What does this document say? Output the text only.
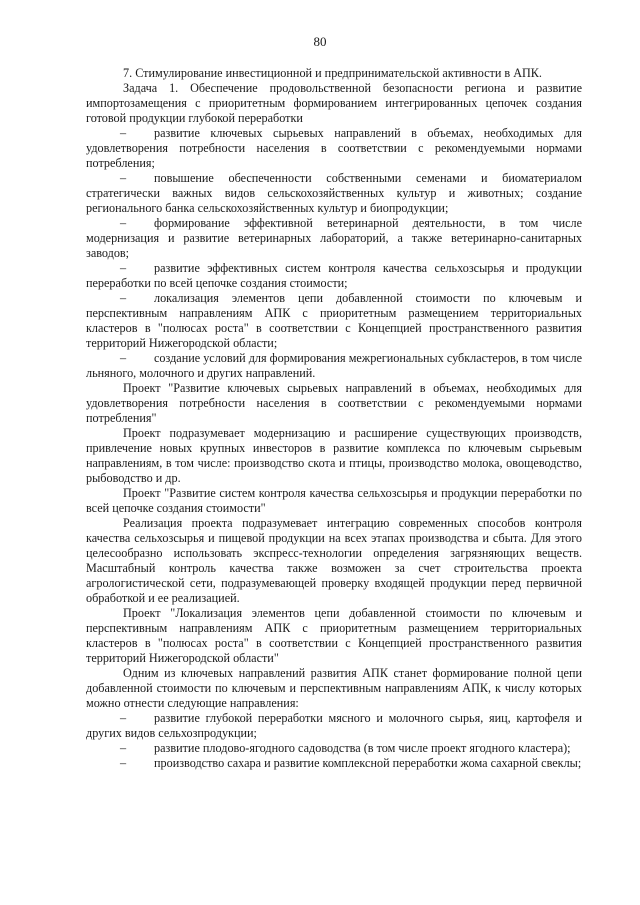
80

7. Стимулирование инвестиционной и предпринимательской активности в АПК.

Задача 1. Обеспечение продовольственной безопасности региона и развитие импортозамещения с приоритетным формированием интегрированных цепочек создания готовой продукции глубокой переработки

– развитие ключевых сырьевых направлений в объемах, необходимых для удовлетворения потребности населения в соответствии с рекомендуемыми нормами потребления;

– повышение обеспеченности собственными семенами и биоматериалом стратегически важных видов сельскохозяйственных культур и животных; создание регионального банка сельскохозяйственных культур и биопродукции;

– формирование эффективной ветеринарной деятельности, в том числе модернизация и развитие ветеринарных лабораторий, а также ветеринарно-санитарных заводов;

– развитие эффективных систем контроля качества сельхозсырья и продукции переработки по всей цепочке создания стоимости;

– локализация элементов цепи добавленной стоимости по ключевым и перспективным направлениям АПК с приоритетным размещением территориальных кластеров в "полюсах роста" в соответствии с Концепцией пространственного развития территорий Нижегородской области;

– создание условий для формирования межрегиональных субкластеров, в том числе льняного, молочного и других направлений.

Проект "Развитие ключевых сырьевых направлений в объемах, необходимых для удовлетворения потребности населения в соответствии с рекомендуемыми нормами потребления"

Проект подразумевает модернизацию и расширение существующих производств, привлечение новых крупных инвесторов в развитие комплекса по ключевым сырьевым направлениям, в том числе: производство скота и птицы, производство молока, овощеводство, рыбоводство и др.

Проект "Развитие систем контроля качества сельхозсырья и продукции переработки по всей цепочке создания стоимости"

Реализация проекта подразумевает интеграцию современных способов контроля качества сельхозсырья и пищевой продукции на всех этапах производства и сбыта. Для этого целесообразно использовать экспресс-технологии определения загрязняющих веществ. Масштабный контроль качества также возможен за счет строительства проекта агрологистической сети, подразумевающей проверку входящей продукции перед первичной обработкой и ее реализацией.

Проект "Локализация элементов цепи добавленной стоимости по ключевым и перспективным направлениям АПК с приоритетным размещением территориальных кластеров в "полюсах роста" в соответствии с Концепцией пространственного развития территорий Нижегородской области"

Одним из ключевых направлений развития АПК станет формирование полной цепи добавленной стоимости по ключевым и перспективным направлениям АПК, к числу которых можно отнести следующие направления:

– развитие глубокой переработки мясного и молочного сырья, яиц, картофеля и других видов сельхозпродукции;

– развитие плодово-ягодного садоводства (в том числе проект ягодного кластера);

– производство сахара и развитие комплексной переработки жома сахарной свеклы;
